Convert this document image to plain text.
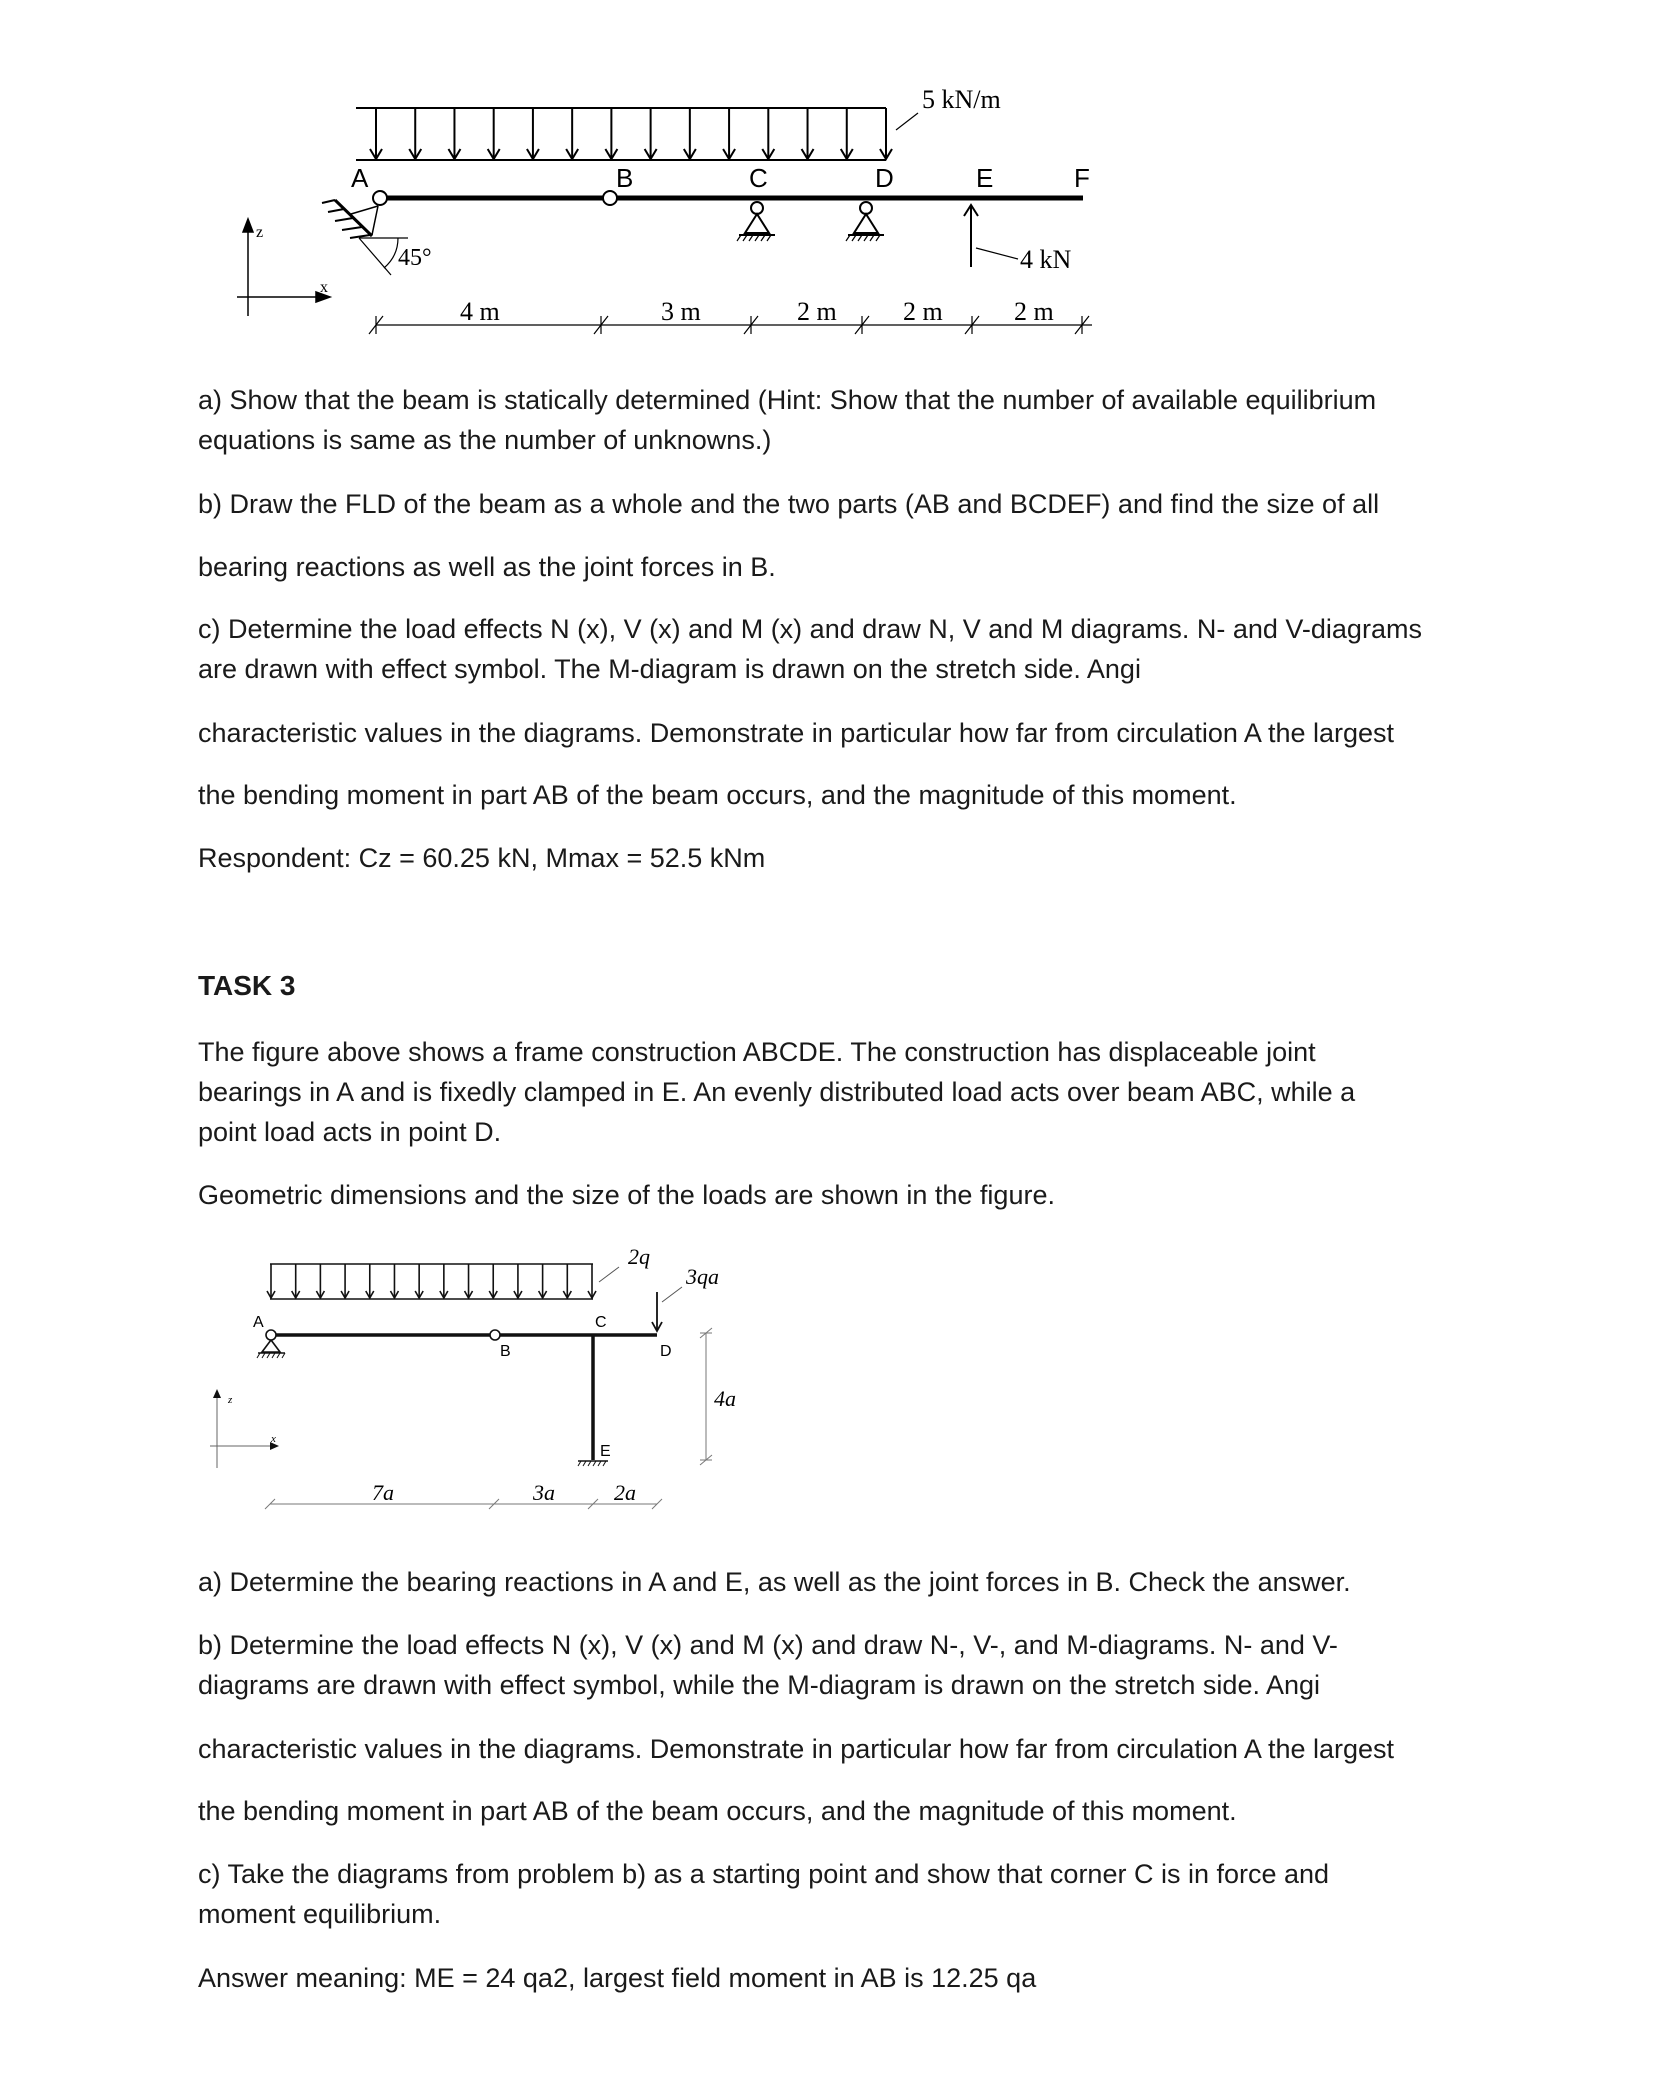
5 kN/m
45°	4 kN
A	B	C	D	E	F
z
x
4 m	3 m	2 m	2 m	2 m
a) Show that the beam is statically determined (Hint: Show that the number of available equilibrium
equations is same as the number of unknowns.)
b) Draw the FLD of the beam as a whole and the two parts (AB and BCDEF) and find the size of all
bearing reactions as well as the joint forces in B.
c) Determine the load effects N (x), V (x) and M (x) and draw N, V and M diagrams. N- and V-diagrams
are drawn with effect symbol. The M-diagram is drawn on the stretch side. Angi
characteristic values in the diagrams. Demonstrate in particular how far from circulation A the largest
the bending moment in part AB of the beam occurs, and the magnitude of this moment.
Respondent: Cz = 60.25 kN, Mmax = 52.5 kNm
TASK 3
The figure above shows a frame construction ABCDE. The construction has displaceable joint
bearings in A and is fixedly clamped in E. An evenly distributed load acts over beam ABC, while a
point load acts in point D.
Geometric dimensions and the size of the loads are shown in the figure.
2q
3qa
A
B
C
D
E
4a
z
x
7a	3a	2a
a) Determine the bearing reactions in A and E, as well as the joint forces in B. Check the answer.
b) Determine the load effects N (x), V (x) and M (x) and draw N-, V-, and M-diagrams. N- and V-
diagrams are drawn with effect symbol, while the M-diagram is drawn on the stretch side. Angi
characteristic values in the diagrams. Demonstrate in particular how far from circulation A the largest
the bending moment in part AB of the beam occurs, and the magnitude of this moment.
c) Take the diagrams from problem b) as a starting point and show that corner C is in force and
moment equilibrium.
Answer meaning: ME = 24 qa2, largest field moment in AB is 12.25 qa
